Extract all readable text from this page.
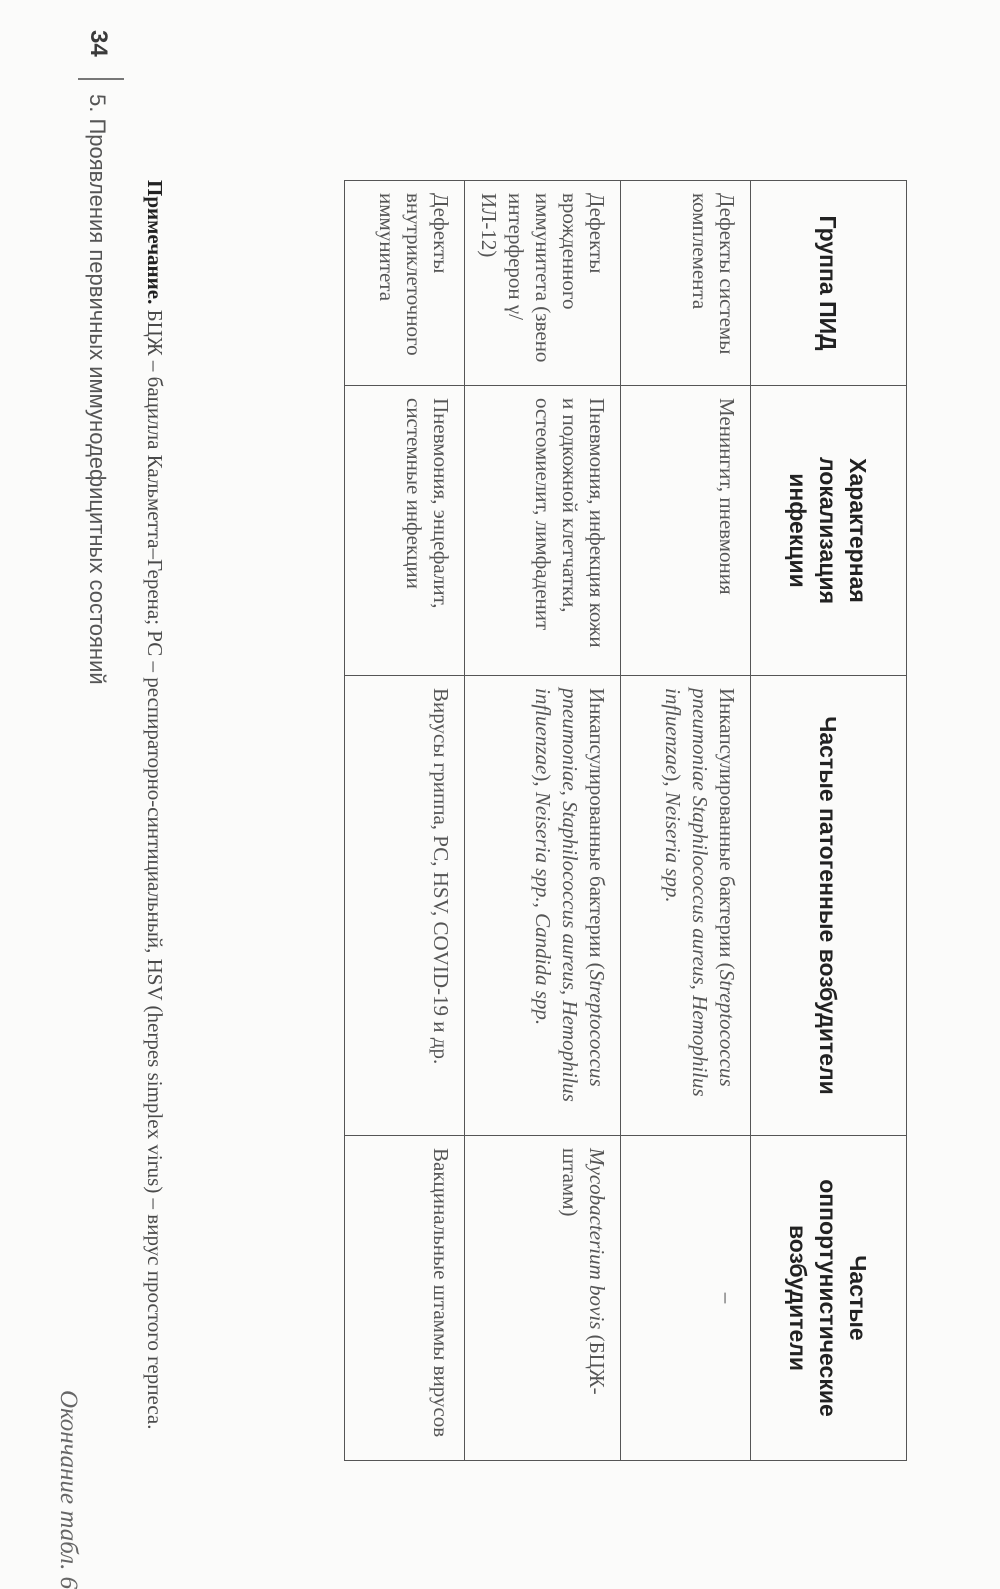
Окончание табл. 6
Группа ПИД	Характерная локализация инфекции	Частые патогенные возбудители	Частые оппортунистические возбудители
Дефекты системы комплемента	Менингит, пневмония	Инкапсулированные бактерии (Streptococcus pneumoniae Staphilococcus aureus, Hemophilus influenzae), Neiseria spp.	–
Дефекты врожденного иммунитета (звено интерферон γ/ИЛ-12)	Пневмония, инфекция кожи и подкожной клетчатки, остеомиелит, лимфаденит	Инкапсулированные бактерии (Streptococcus pneumoniae, Staphilococcus aureus, Hemophilus influenzae), Neiseria spp., Candida spp.	Mycobacterium bovis (БЦЖ-штамм)
Дефекты внутриклеточного иммунитета	Пневмония, энцефалит, системные инфекции	Вирусы гриппа, РС, HSV, COVID-19 и др.	Вакцинальные штаммы вирусов
Примечание. БЦЖ – бацилла Кальметта–Герена; РС – респираторно-синтициальный, HSV (herpes simplex virus) – вирус простого герпеса.
34
5. Проявления первичных иммунодефицитных состояний
